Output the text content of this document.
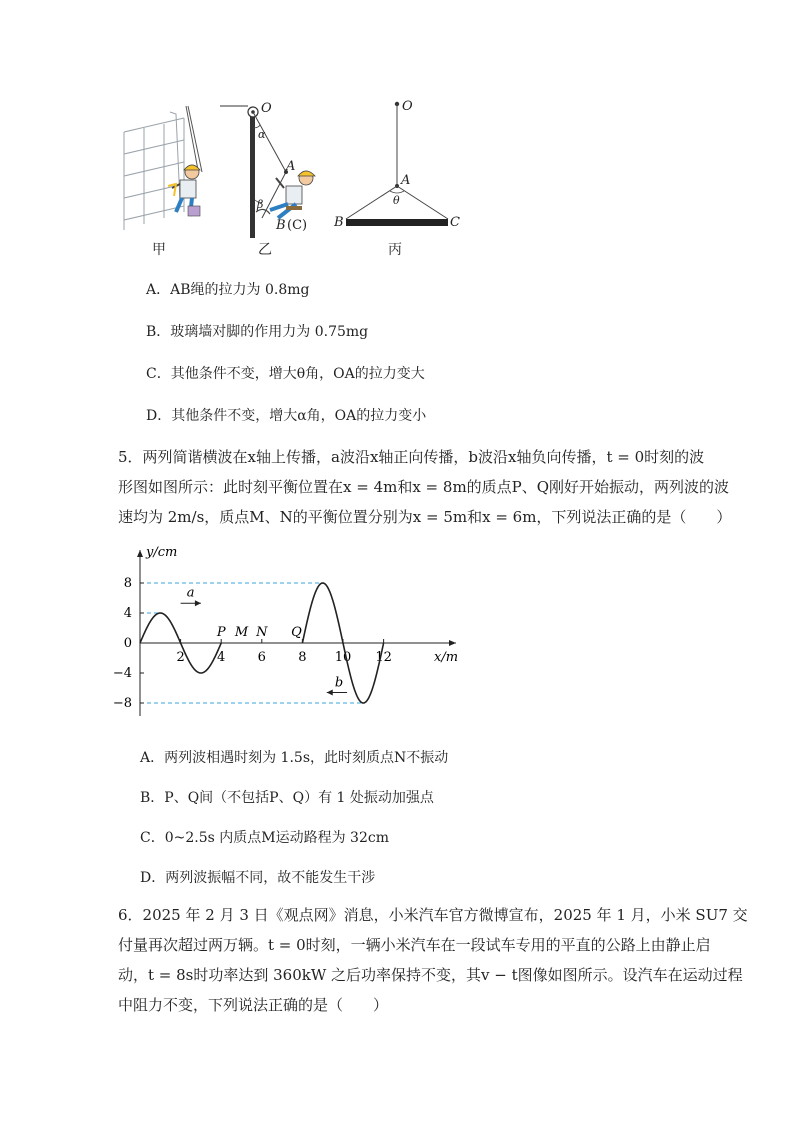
甲
O
α
A
β
B (C)
乙
O
A
θ
B	C
丙
A．AB绳的拉力为 0.8mg
B．玻璃墙对脚的作用力为 0.75mg
C．其他条件不变，增大θ角，OA的拉力变大
D．其他条件不变，增大α角，OA的拉力变小

5．两列简谐横波在x轴上传播，a波沿x轴正向传播，b波沿x轴负向传播，t = 0时刻的波

形图如图所示：此时刻平衡位置在x = 4m和x = 8m的质点P、Q刚好开始振动，两列波的波

速均为 2m/s，质点M、N的平衡位置分别为x = 5m和x = 6m，下列说法正确的是（　　）

y/cm
x/m
8
4
0
−4
−8
2 4 6 8 10 12
a
b
P M N Q
A．两列波相遇时刻为 1.5s，此时刻质点N不振动
B．P、Q间（不包括P、Q）有 1 处振动加强点
C．0~2.5s 内质点M运动路程为 32cm
D．两列波振幅不同，故不能发生干涉

6．2025 年 2 月 3 日《观点网》消息，小米汽车官方微博宣布，2025 年 1 月，小米 SU7 交

付量再次超过两万辆。t = 0时刻，一辆小米汽车在一段试车专用的平直的公路上由静止启

动，t = 8s时功率达到 360kW 之后功率保持不变，其v − t图像如图所示。设汽车在运动过程

中阻力不变，下列说法正确的是（　　）
